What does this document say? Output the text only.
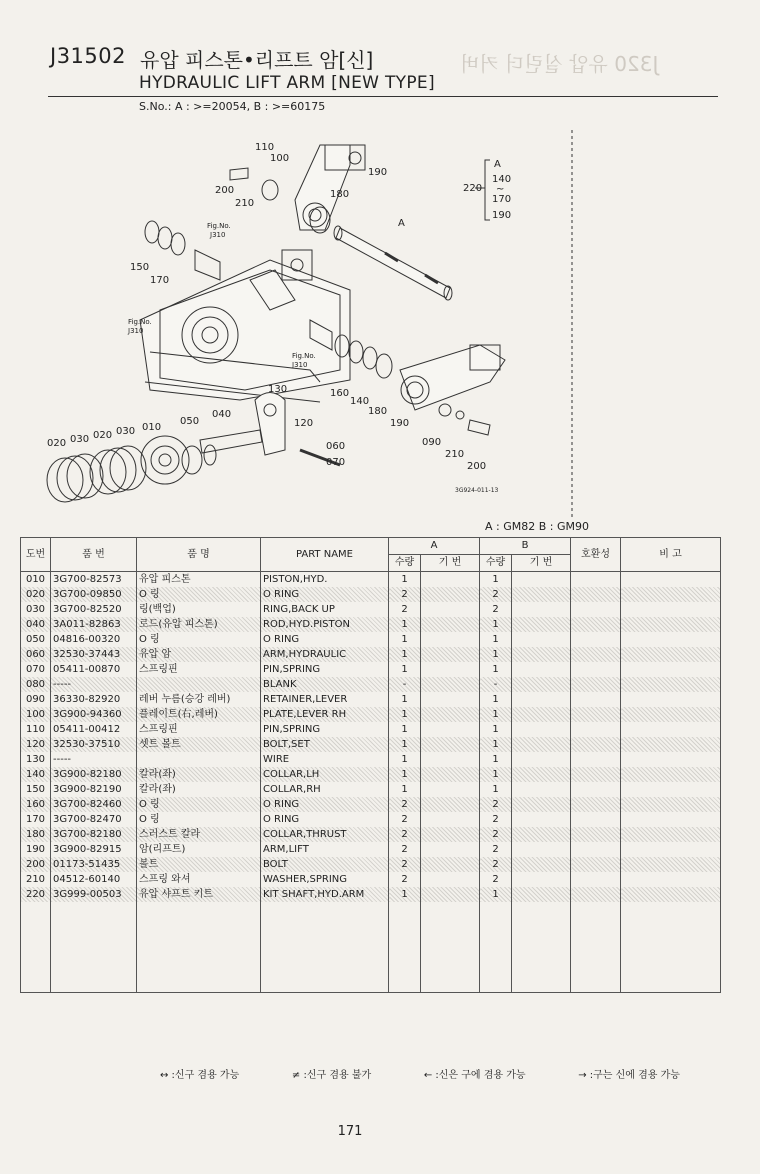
J320 유압 실린더 커버
J31502 유압 피스톤•리프트 암[신]
HYDRAULIC LIFT ARM [NEW TYPE]
S.No.: A : >=20054, B : >=60175
110
100
190
200
210
180
A
150
170
160
140
180
190
130
120
040
050
010
030
020
030
020	060
070
090
210
200
220
A
140
~
170
190
Fig.No.
J310
Fig.No.
J310
Fig.No.
J310
3G924-011-13
A : GM82 B : GM90
도번	품 번	품 명	PART NAME	A		B		호환성	비 고
				수량	기 번	수량	기 번		
010	3G700-82573	유압 피스톤	PISTON,HYD.	1		1			
020	3G700-09850	O 링	O RING	2		2			
030	3G700-82520	링(백업)	RING,BACK UP	2		2			
040	3A011-82863	로드(유압 피스톤)	ROD,HYD.PISTON	1		1			
050	04816-00320	O 링	O RING	1		1			
060	32530-37443	유압 암	ARM,HYDRAULIC	1		1			
070	05411-00870	스프링핀	PIN,SPRING	1		1			
080	-----		BLANK	-		-			
090	36330-82920	레버 누름(승강 레버)	RETAINER,LEVER	1		1			
100	3G900-94360	플레이트(右,레버)	PLATE,LEVER RH	1		1			
110	05411-00412	스프링핀	PIN,SPRING	1		1			
120	32530-37510	셋트 볼트	BOLT,SET	1		1			
130	-----		WIRE	1		1			
140	3G900-82180	칼라(좌)	COLLAR,LH	1		1			
150	3G900-82190	칼라(좌)	COLLAR,RH	1		1			
160	3G700-82460	O 링	O RING	2		2			
170	3G700-82470	O 링	O RING	2		2			
180	3G700-82180	스러스트 칼라	COLLAR,THRUST	2		2			
190	3G900-82915	암(리프트)	ARM,LIFT	2		2			
200	01173-51435	볼트	BOLT	2		2			
210	04512-60140	스프링 와셔	WASHER,SPRING	2		2			
220	3G999-00503	유압 샤프트 키트	KIT SHAFT,HYD.ARM	1		1			

↔ :신구 겸용 가능	≠ :신구 겸용 불가	← :신은 구에 겸용 가능	→ :구는 신에 겸용 가능
171
